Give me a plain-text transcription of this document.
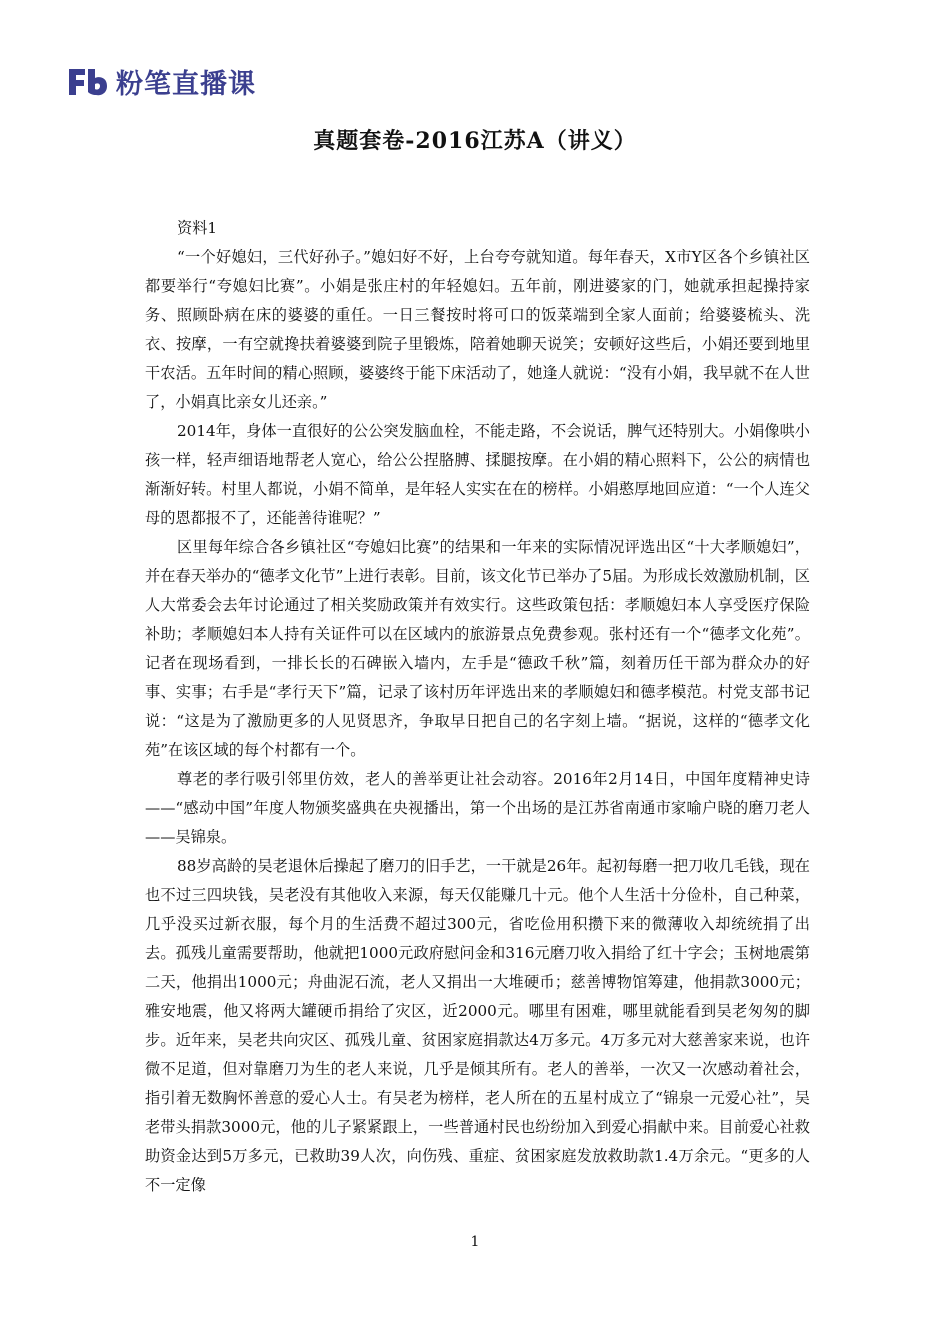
粉笔直播课
真题套卷-2016江苏A（讲义）

资料1

“一个好媳妇，三代好孙子。”媳妇好不好，上台夸夸就知道。每年春天，X市Y区各个乡镇社区都要举行“夸媳妇比赛”。小娟是张庄村的年轻媳妇。五年前，刚进婆家的门，她就承担起操持家务、照顾卧病在床的婆婆的重任。一日三餐按时将可口的饭菜端到全家人面前；给婆婆梳头、洗衣、按摩，一有空就搀扶着婆婆到院子里锻炼，陪着她聊天说笑；安顿好这些后，小娟还要到地里干农活。五年时间的精心照顾，婆婆终于能下床活动了，她逢人就说：“没有小娟，我早就不在人世了，小娟真比亲女儿还亲。”

2014年，身体一直很好的公公突发脑血栓，不能走路，不会说话，脾气还特别大。小娟像哄小孩一样，轻声细语地帮老人宽心，给公公捏胳膊、揉腿按摩。在小娟的精心照料下，公公的病情也渐渐好转。村里人都说，小娟不简单，是年轻人实实在在的榜样。小娟憨厚地回应道：“一个人连父母的恩都报不了，还能善待谁呢？”

区里每年综合各乡镇社区“夸媳妇比赛”的结果和一年来的实际情况评选出区“十大孝顺媳妇”，并在春天举办的“德孝文化节”上进行表彰。目前，该文化节已举办了5届。为形成长效激励机制，区人大常委会去年讨论通过了相关奖励政策并有效实行。这些政策包括：孝顺媳妇本人享受医疗保险补助；孝顺媳妇本人持有关证件可以在区域内的旅游景点免费参观。张村还有一个“德孝文化苑”。记者在现场看到，一排长长的石碑嵌入墙内，左手是“德政千秋”篇，刻着历任干部为群众办的好事、实事；右手是“孝行天下”篇，记录了该村历年评选出来的孝顺媳妇和德孝模范。村党支部书记说：“这是为了激励更多的人见贤思齐，争取早日把自己的名字刻上墙。“据说，这样的“德孝文化苑”在该区域的每个村都有一个。

尊老的孝行吸引邻里仿效，老人的善举更让社会动容。2016年2月14日，中国年度精神史诗——“感动中国”年度人物颁奖盛典在央视播出，第一个出场的是江苏省南通市家喻户晓的磨刀老人——吴锦泉。

88岁高龄的吴老退休后操起了磨刀的旧手艺，一干就是26年。起初每磨一把刀收几毛钱，现在也不过三四块钱，吴老没有其他收入来源，每天仅能赚几十元。他个人生活十分俭朴，自己种菜，几乎没买过新衣服，每个月的生活费不超过300元，省吃俭用积攒下来的微薄收入却统统捐了出去。孤残儿童需要帮助，他就把1000元政府慰问金和316元磨刀收入捐给了红十字会；玉树地震第二天，他捐出1000元；舟曲泥石流，老人又捐出一大堆硬币；慈善博物馆筹建，他捐款3000元；雅安地震，他又将两大罐硬币捐给了灾区，近2000元。哪里有困难，哪里就能看到吴老匆匆的脚步。近年来，吴老共向灾区、孤残儿童、贫困家庭捐款达4万多元。4万多元对大慈善家来说，也许微不足道，但对靠磨刀为生的老人来说，几乎是倾其所有。老人的善举，一次又一次感动着社会，指引着无数胸怀善意的爱心人士。有吴老为榜样，老人所在的五星村成立了“锦泉一元爱心社”，吴老带头捐款3000元，他的儿子紧紧跟上，一些普通村民也纷纷加入到爱心捐献中来。目前爱心社救助资金达到5万多元，已救助39人次，向伤残、重症、贫困家庭发放救助款1.4万余元。“更多的人不一定像

1
